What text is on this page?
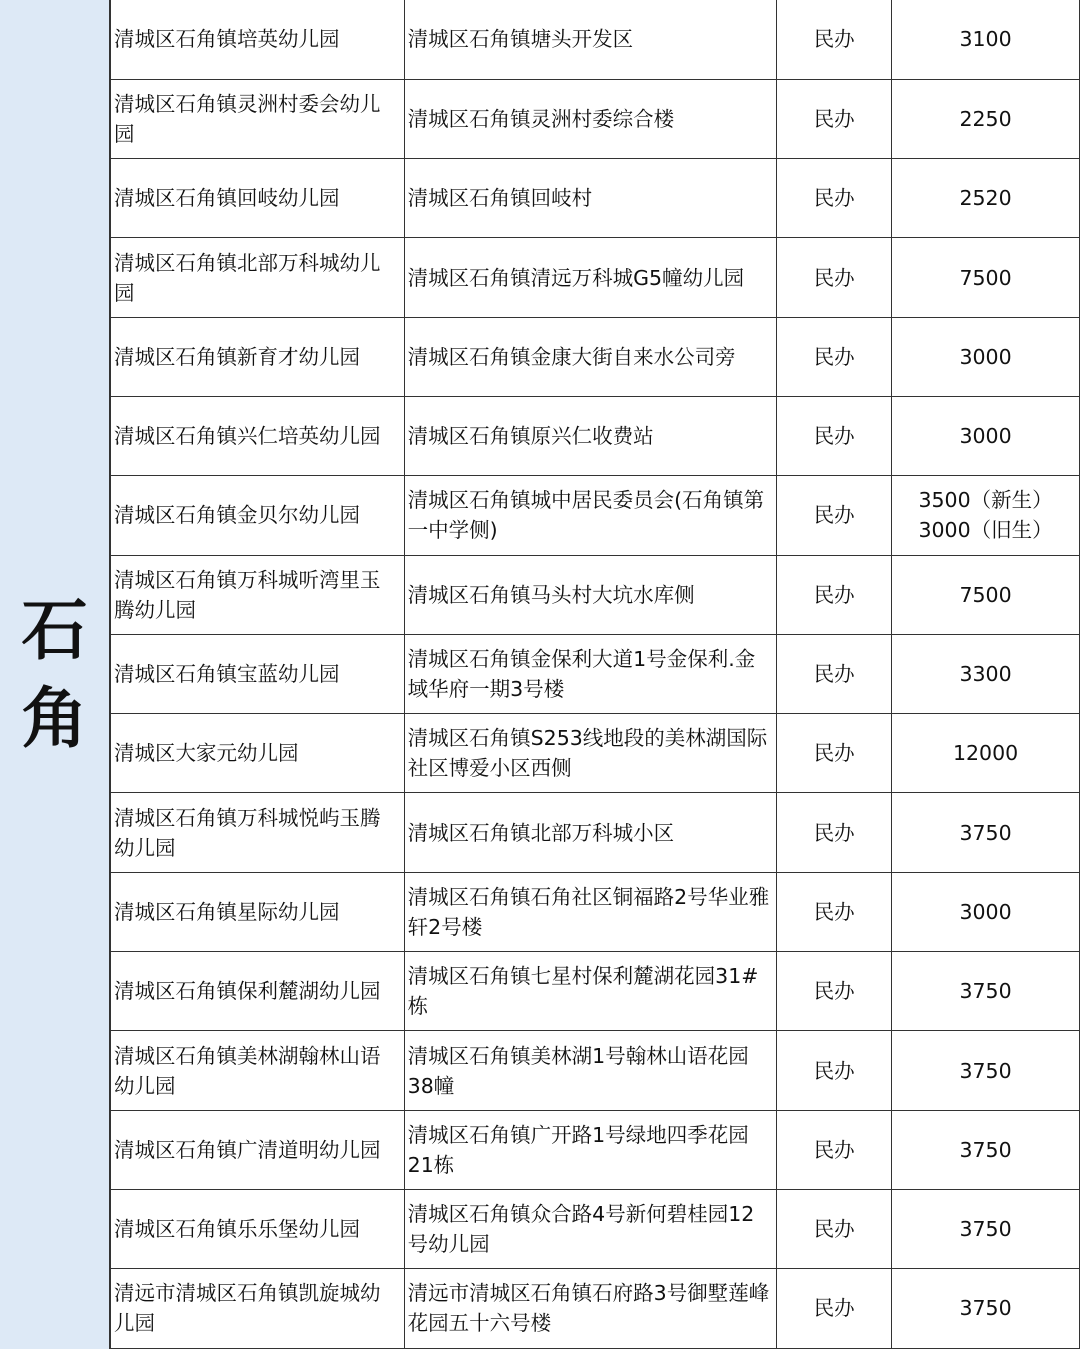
石角
清城区石角镇培英幼儿园	清城区石角镇塘头开发区	民办	3100

清城区石角镇灵洲村委会幼儿园	清城区石角镇灵洲村委综合楼	民办	2250

清城区石角镇回岐幼儿园	清城区石角镇回岐村	民办	2520

清城区石角镇北部万科城幼儿园	清城区石角镇清远万科城G5幢幼儿园	民办	7500

清城区石角镇新育才幼儿园	清城区石角镇金康大街自来水公司旁	民办	3000

清城区石角镇兴仁培英幼儿园	清城区石角镇原兴仁收费站	民办	3000

清城区石角镇金贝尔幼儿园	清城区石角镇城中居民委员会(石角镇第一中学侧)	民办	3500（新生）
3000（旧生）

清城区石角镇万科城听湾里玉腾幼儿园	清城区石角镇马头村大坑水库侧	民办	7500

清城区石角镇宝蓝幼儿园	清城区石角镇金保利大道1号金保利.金域华府一期3号楼	民办	3300

清城区大家元幼儿园	清城区石角镇S253线地段的美林湖国际社区博爱小区西侧	民办	12000

清城区石角镇万科城悦屿玉腾幼儿园	清城区石角镇北部万科城小区	民办	3750

清城区石角镇星际幼儿园	清城区石角镇石角社区铜福路2号华业雅轩2号楼	民办	3000

清城区石角镇保利麓湖幼儿园	清城区石角镇七星村保利麓湖花园31#栋	民办	3750

清城区石角镇美林湖翰林山语幼儿园	清城区石角镇美林湖1号翰林山语花园38幢	民办	3750

清城区石角镇广清道明幼儿园	清城区石角镇广开路1号绿地四季花园21栋	民办	3750

清城区石角镇乐乐堡幼儿园	清城区石角镇众合路4号新何碧桂园12号幼儿园	民办	3750

清远市清城区石角镇凯旋城幼儿园	清远市清城区石角镇石府路3号御墅莲峰花园五十六号楼	民办	3750
